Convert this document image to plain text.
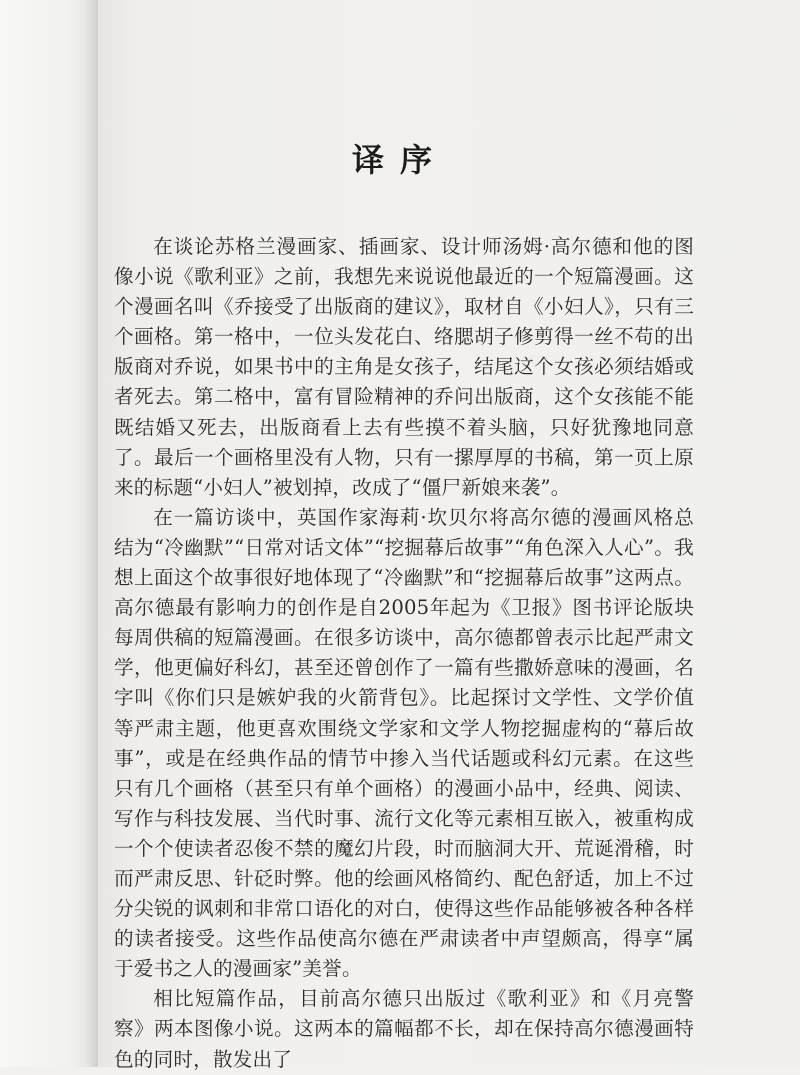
译序

在谈论苏格兰漫画家、插画家、设计师汤姆·高尔德和他的图像小说《歌利亚》之前，我想先来说说他最近的一个短篇漫画。这个漫画名叫《乔接受了出版商的建议》，取材自《小妇人》，只有三个画格。第一格中，一位头发花白、络腮胡子修剪得一丝不苟的出版商对乔说，如果书中的主角是女孩子，结尾这个女孩必须结婚或者死去。第二格中，富有冒险精神的乔问出版商，这个女孩能不能既结婚又死去，出版商看上去有些摸不着头脑，只好犹豫地同意了。最后一个画格里没有人物，只有一摞厚厚的书稿，第一页上原来的标题“小妇人”被划掉，改成了“僵尸新娘来袭”。

在一篇访谈中，英国作家海莉·坎贝尔将高尔德的漫画风格总结为“冷幽默”“日常对话文体”“挖掘幕后故事”“角色深入人心”。我想上面这个故事很好地体现了“冷幽默”和“挖掘幕后故事”这两点。高尔德最有影响力的创作是自2005年起为《卫报》图书评论版块每周供稿的短篇漫画。在很多访谈中，高尔德都曾表示比起严肃文学，他更偏好科幻，甚至还曾创作了一篇有些撒娇意味的漫画，名字叫《你们只是嫉妒我的火箭背包》。比起探讨文学性、文学价值等严肃主题，他更喜欢围绕文学家和文学人物挖掘虚构的“幕后故事”，或是在经典作品的情节中掺入当代话题或科幻元素。在这些只有几个画格（甚至只有单个画格）的漫画小品中，经典、阅读、写作与科技发展、当代时事、流行文化等元素相互嵌入，被重构成一个个使读者忍俊不禁的魔幻片段，时而脑洞大开、荒诞滑稽，时而严肃反思、针砭时弊。他的绘画风格简约、配色舒适，加上不过分尖锐的讽刺和非常口语化的对白，使得这些作品能够被各种各样的读者接受。这些作品使高尔德在严肃读者中声望颇高，得享“属于爱书之人的漫画家”美誉。

相比短篇作品，目前高尔德只出版过《歌利亚》和《月亮警察》两本图像小说。这两本的篇幅都不长，却在保持高尔德漫画特色的同时，散发出了
